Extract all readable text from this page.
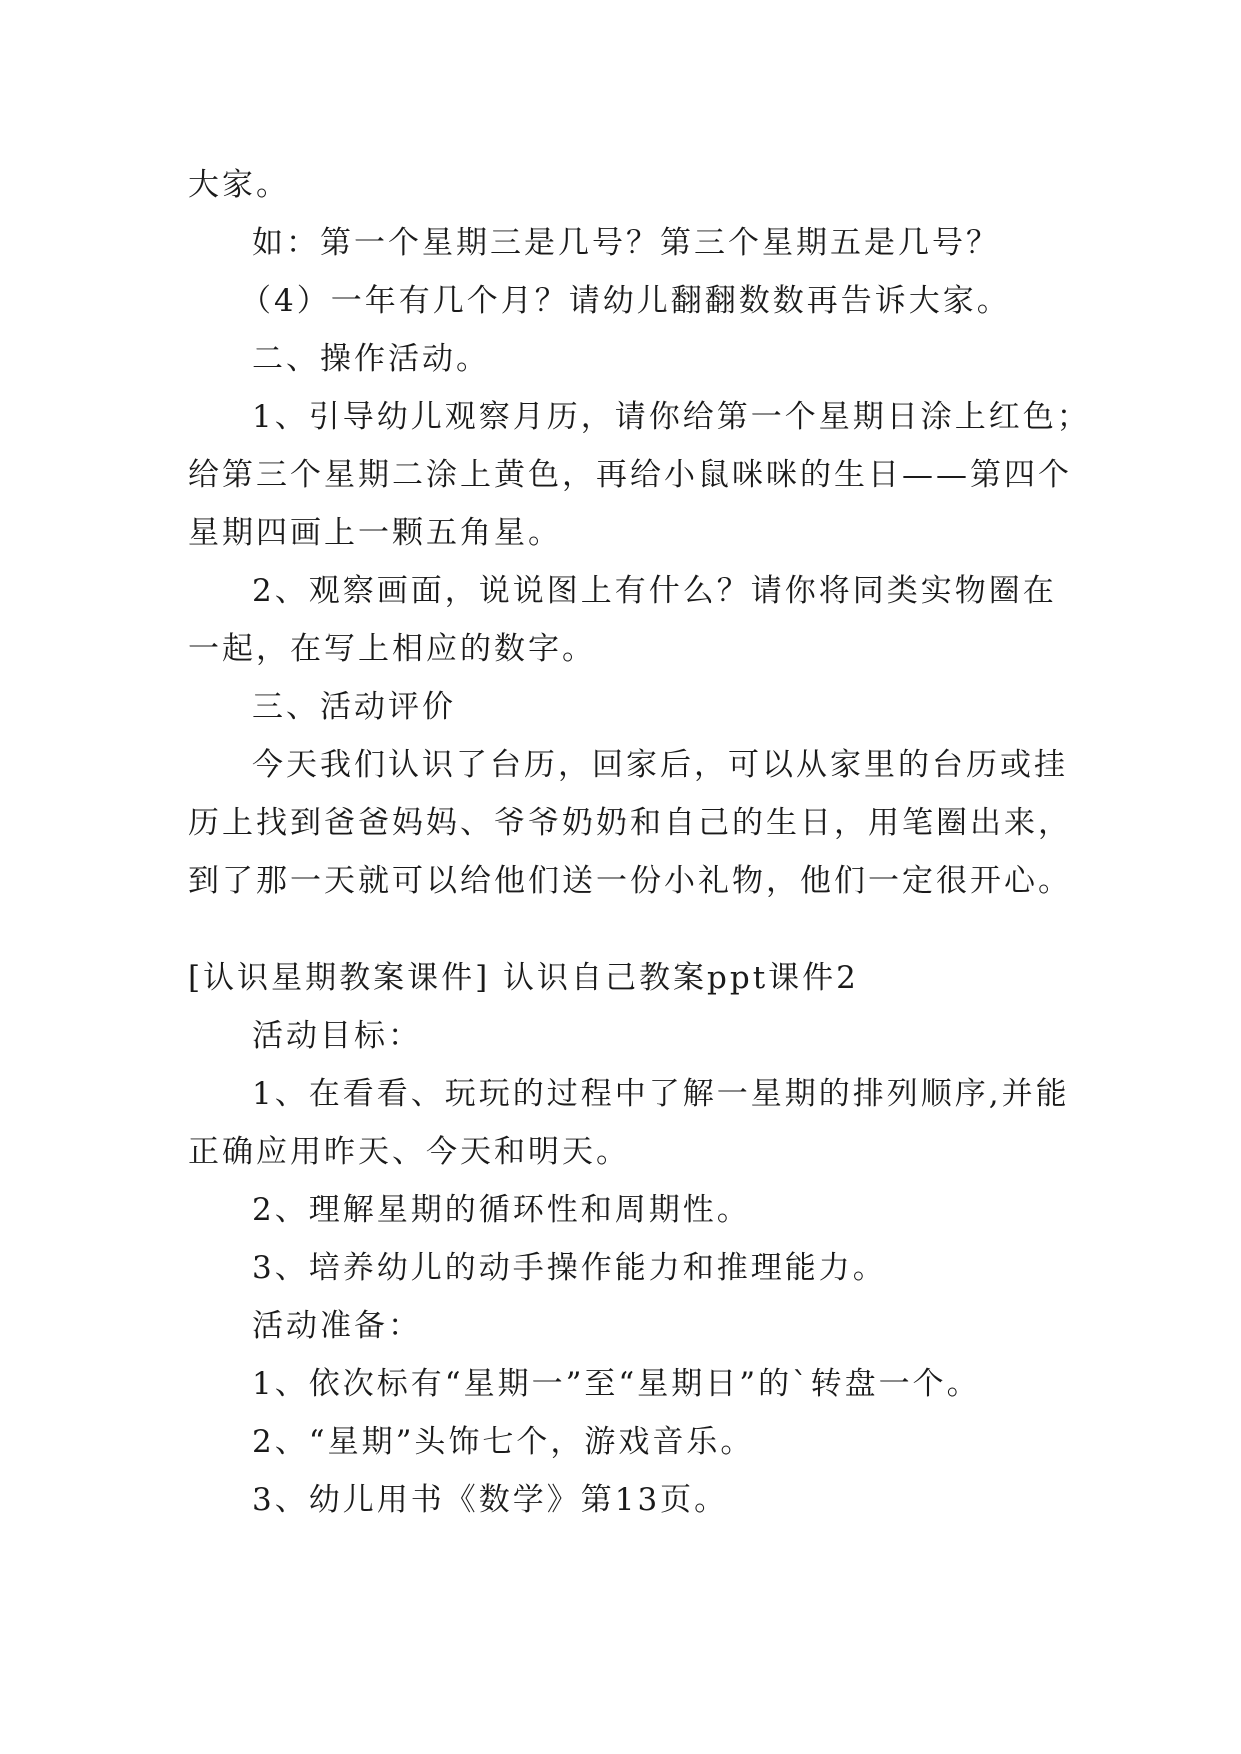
大家。
如：第一个星期三是几号？第三个星期五是几号？
（4）一年有几个月？请幼儿翻翻数数再告诉大家。
二、操作活动。
1、引导幼儿观察月历，请你给第一个星期日涂上红色；
给第三个星期二涂上黄色，再给小鼠咪咪的生日——第四个
星期四画上一颗五角星。
2、观察画面，说说图上有什么？请你将同类实物圈在
一起，在写上相应的数字。
三、活动评价
今天我们认识了台历，回家后，可以从家里的台历或挂
历上找到爸爸妈妈、爷爷奶奶和自己的生日，用笔圈出来，
到了那一天就可以给他们送一份小礼物，他们一定很开心。
[认识星期教案课件] 认识自己教案ppt课件2
活动目标：
1、在看看、玩玩的过程中了解一星期的排列顺序,并能
正确应用昨天、今天和明天。
2、理解星期的循环性和周期性。
3、培养幼儿的动手操作能力和推理能力。
活动准备：
1、依次标有“星期一”至“星期日”的`转盘一个。
2、“星期”头饰七个，游戏音乐。
3、幼儿用书《数学》第13页。
